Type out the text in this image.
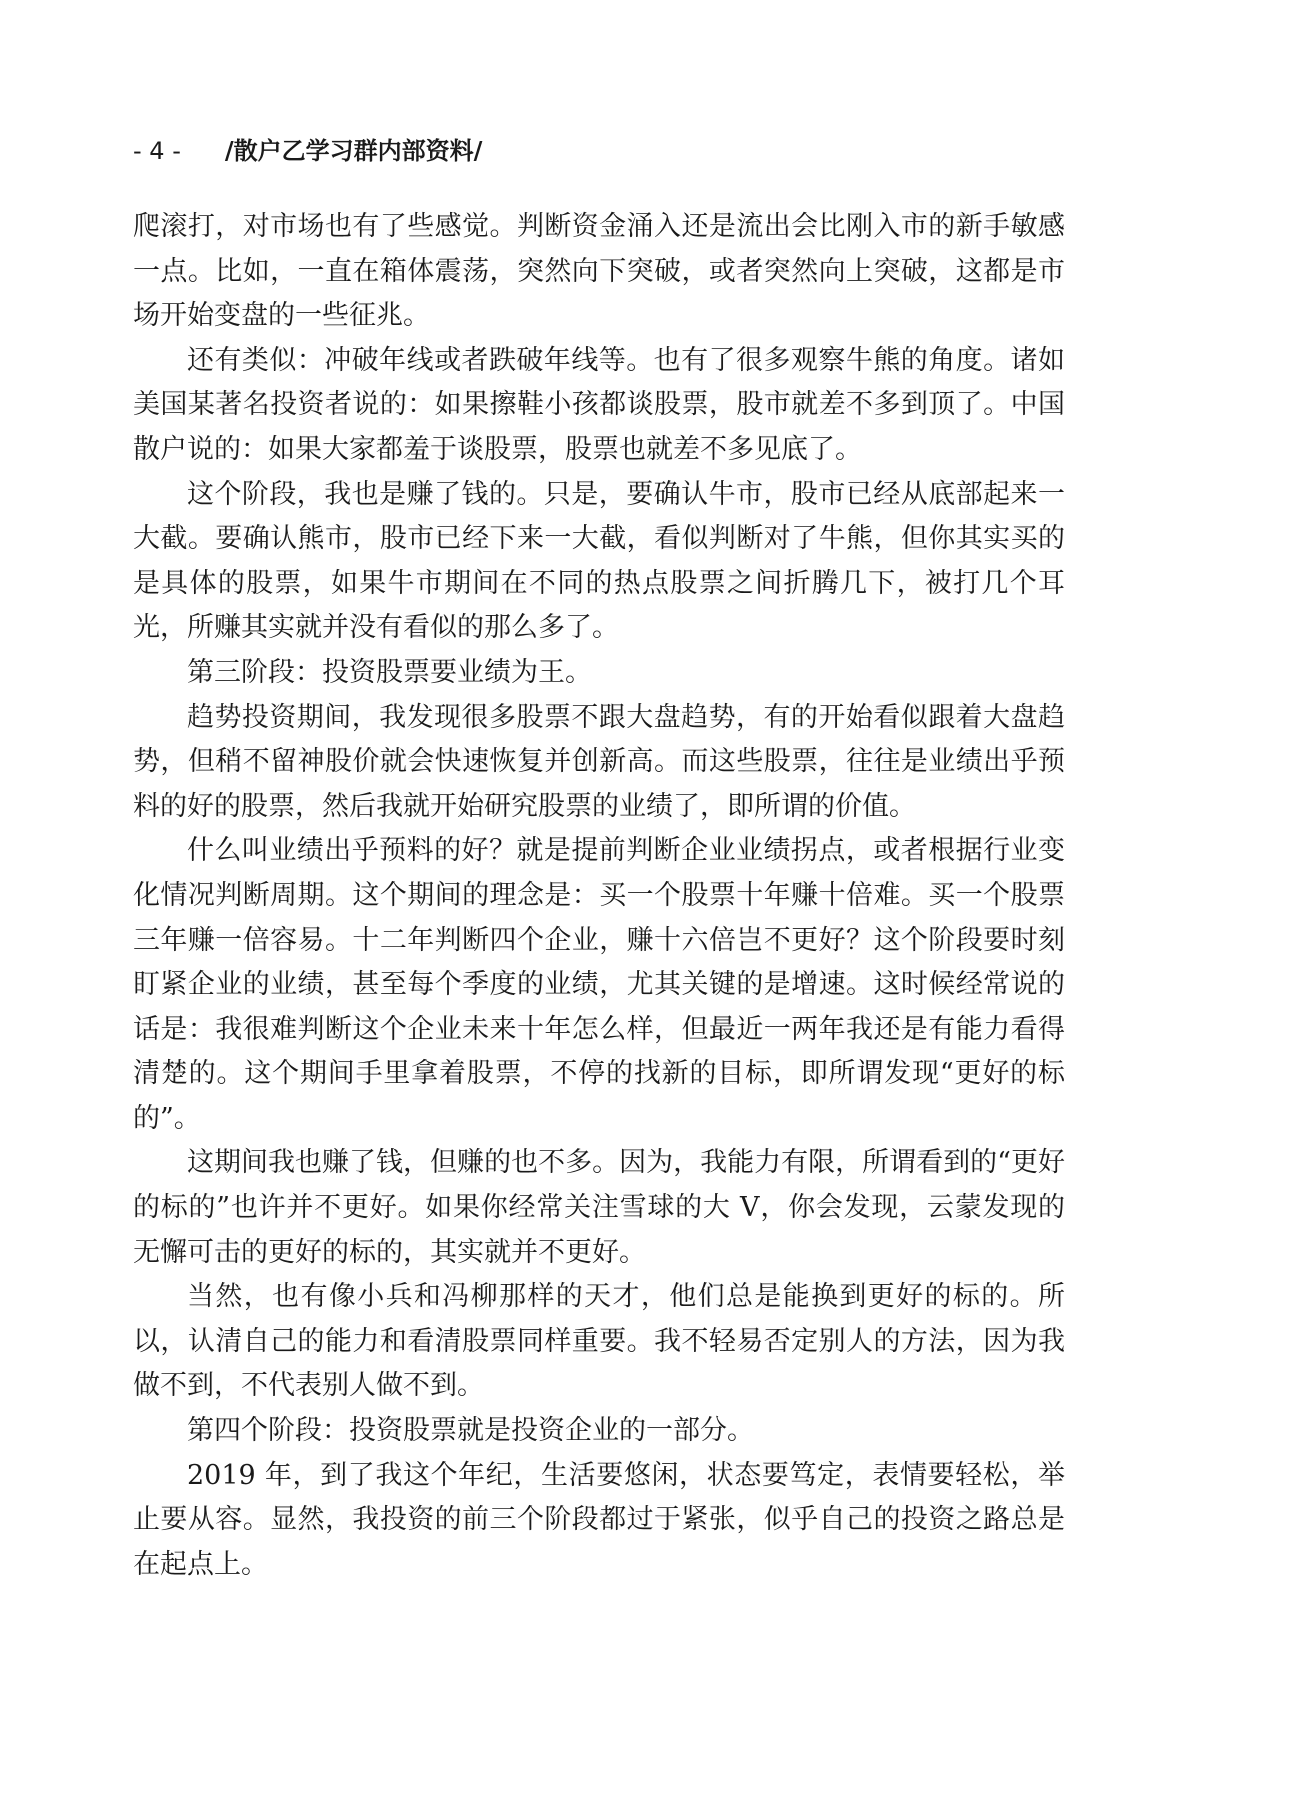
- 4 - /散户乙学习群内部资料/

爬滚打，对市场也有了些感觉。判断资金涌入还是流出会比刚入市的新手敏感一点。比如，一直在箱体震荡，突然向下突破，或者突然向上突破，这都是市场开始变盘的一些征兆。

还有类似：冲破年线或者跌破年线等。也有了很多观察牛熊的角度。诸如美国某著名投资者说的：如果擦鞋小孩都谈股票，股市就差不多到顶了。中国散户说的：如果大家都羞于谈股票，股票也就差不多见底了。

这个阶段，我也是赚了钱的。只是，要确认牛市，股市已经从底部起来一大截。要确认熊市，股市已经下来一大截，看似判断对了牛熊，但你其实买的是具体的股票，如果牛市期间在不同的热点股票之间折腾几下，被打几个耳光，所赚其实就并没有看似的那么多了。

第三阶段：投资股票要业绩为王。

趋势投资期间，我发现很多股票不跟大盘趋势，有的开始看似跟着大盘趋势，但稍不留神股价就会快速恢复并创新高。而这些股票，往往是业绩出乎预料的好的股票，然后我就开始研究股票的业绩了，即所谓的价值。

什么叫业绩出乎预料的好？就是提前判断企业业绩拐点，或者根据行业变化情况判断周期。这个期间的理念是：买一个股票十年赚十倍难。买一个股票三年赚一倍容易。十二年判断四个企业，赚十六倍岂不更好？这个阶段要时刻盯紧企业的业绩，甚至每个季度的业绩，尤其关键的是增速。这时候经常说的话是：我很难判断这个企业未来十年怎么样，但最近一两年我还是有能力看得清楚的。这个期间手里拿着股票，不停的找新的目标，即所谓发现“更好的标的”。

这期间我也赚了钱，但赚的也不多。因为，我能力有限，所谓看到的“更好的标的”也许并不更好。如果你经常关注雪球的大 V，你会发现，云蒙发现的无懈可击的更好的标的，其实就并不更好。

当然，也有像小兵和冯柳那样的天才，他们总是能换到更好的标的。所以，认清自己的能力和看清股票同样重要。我不轻易否定别人的方法，因为我做不到，不代表别人做不到。

第四个阶段：投资股票就是投资企业的一部分。

2019 年，到了我这个年纪，生活要悠闲，状态要笃定，表情要轻松，举止要从容。显然，我投资的前三个阶段都过于紧张，似乎自己的投资之路总是在起点上。
